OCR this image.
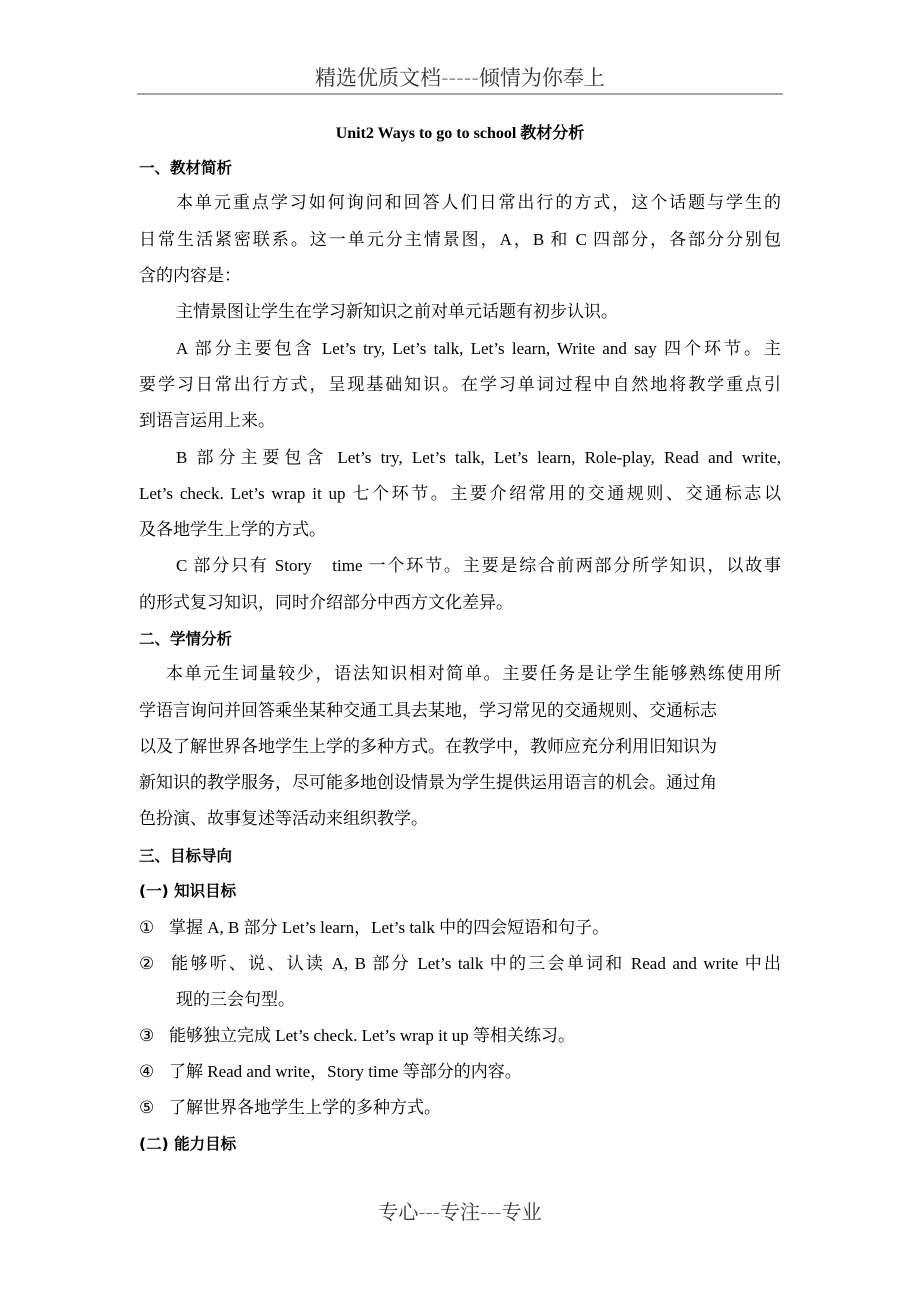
精选优质文档-----倾情为你奉上
Unit2 Ways to go to school 教材分析
一、教材简析
本单元重点学习如何询问和回答人们日常出行的方式，这个话题与学生的
日常生活紧密联系。这一单元分主情景图，A，B 和 C 四部分，各部分分别包
含的内容是：
主情景图让学生在学习新知识之前对单元话题有初步认识。
A 部分主要包含 Let’s try, Let’s talk, Let’s learn, Write and say 四个环节。主
要学习日常出行方式，呈现基础知识。在学习单词过程中自然地将教学重点引
到语言运用上来。
B 部分主要包含 Let’s try, Let’s talk, Let’s learn, Role-play, Read and write,
Let’s check. Let’s wrap it up 七个环节。主要介绍常用的交通规则、交通标志以
及各地学生上学的方式。
C 部分只有 Story　time 一个环节。主要是综合前两部分所学知识，以故事
的形式复习知识，同时介绍部分中西方文化差异。
二、学情分析
本单元生词量较少，语法知识相对简单。主要任务是让学生能够熟练使用所
学语言询问并回答乘坐某种交通工具去某地，学习常见的交通规则、交通标志
以及了解世界各地学生上学的多种方式。在教学中，教师应充分利用旧知识为
新知识的教学服务，尽可能多地创设情景为学生提供运用语言的机会。通过角
色扮演、故事复述等活动来组织教学。
三、目标导向
(一) 知识目标
① 掌握 A, B 部分 Let’s learn，Let’s talk 中的四会短语和句子。
② 能够听、说、认读 A, B 部分 Let’s talk 中的三会单词和 Read and write 中出
现的三会句型。
③ 能够独立完成 Let’s check. Let’s wrap it up 等相关练习。
④ 了解 Read and write，Story time 等部分的内容。
⑤ 了解世界各地学生上学的多种方式。
(二) 能力目标
专心---专注---专业
